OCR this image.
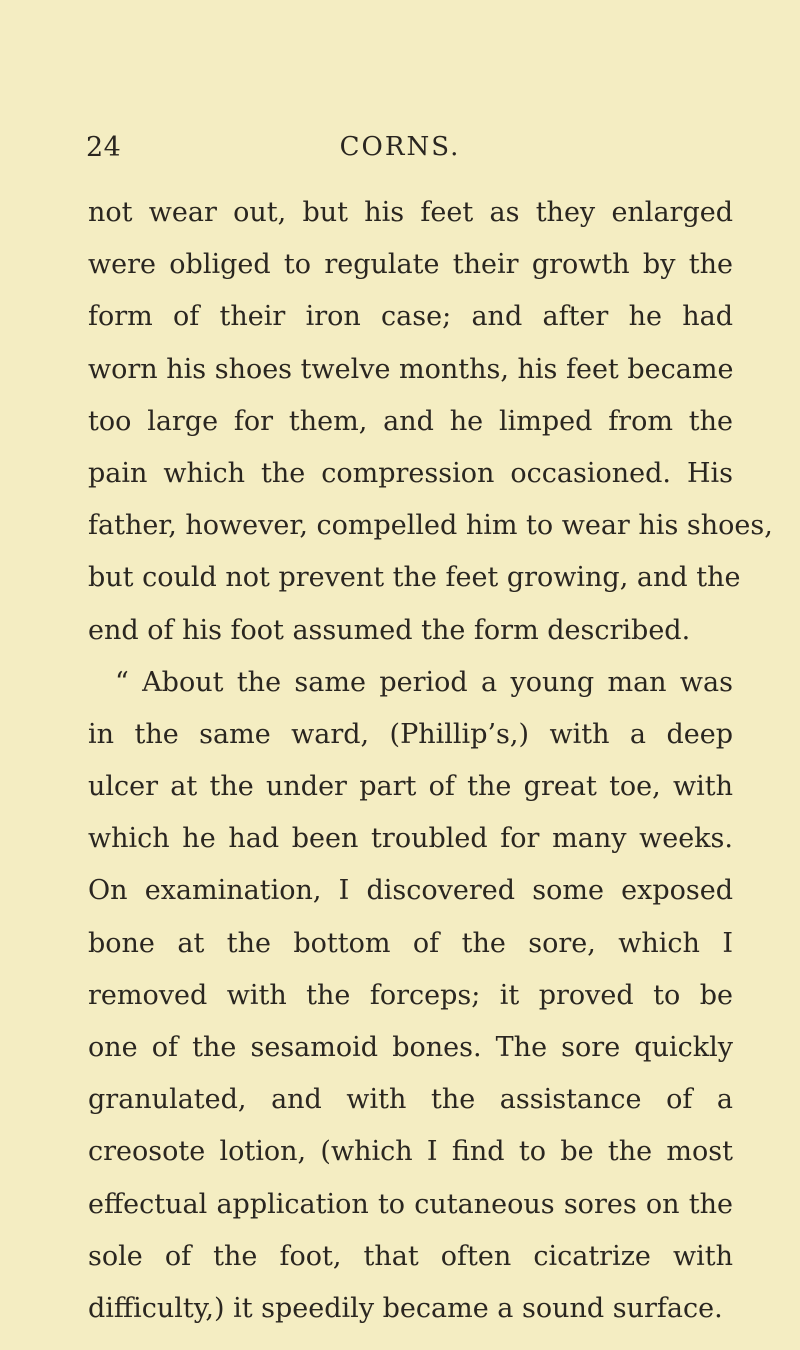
24	CORNS.
not wear out, but his feet as they enlarged
were obliged to regulate their growth by the
form of their iron case; and after he had
worn his shoes twelve months, his feet became
too large for them, and he limped from the
pain which the compression occasioned. His
father, however, compelled him to wear his shoes,
but could not prevent the feet growing, and the
end of his foot assumed the form described.
“ About the same period a young man was
in the same ward, (Phillip’s,) with a deep
ulcer at the under part of the great toe, with
which he had been troubled for many weeks.
On examination, I discovered some exposed
bone at the bottom of the sore, which I
removed with the forceps; it proved to be
one of the sesamoid bones. The sore quickly
granulated, and with the assistance of a
creosote lotion, (which I find to be the most
effectual application to cutaneous sores on the
sole of the foot, that often cicatrize with
difficulty,) it speedily became a sound surface.
